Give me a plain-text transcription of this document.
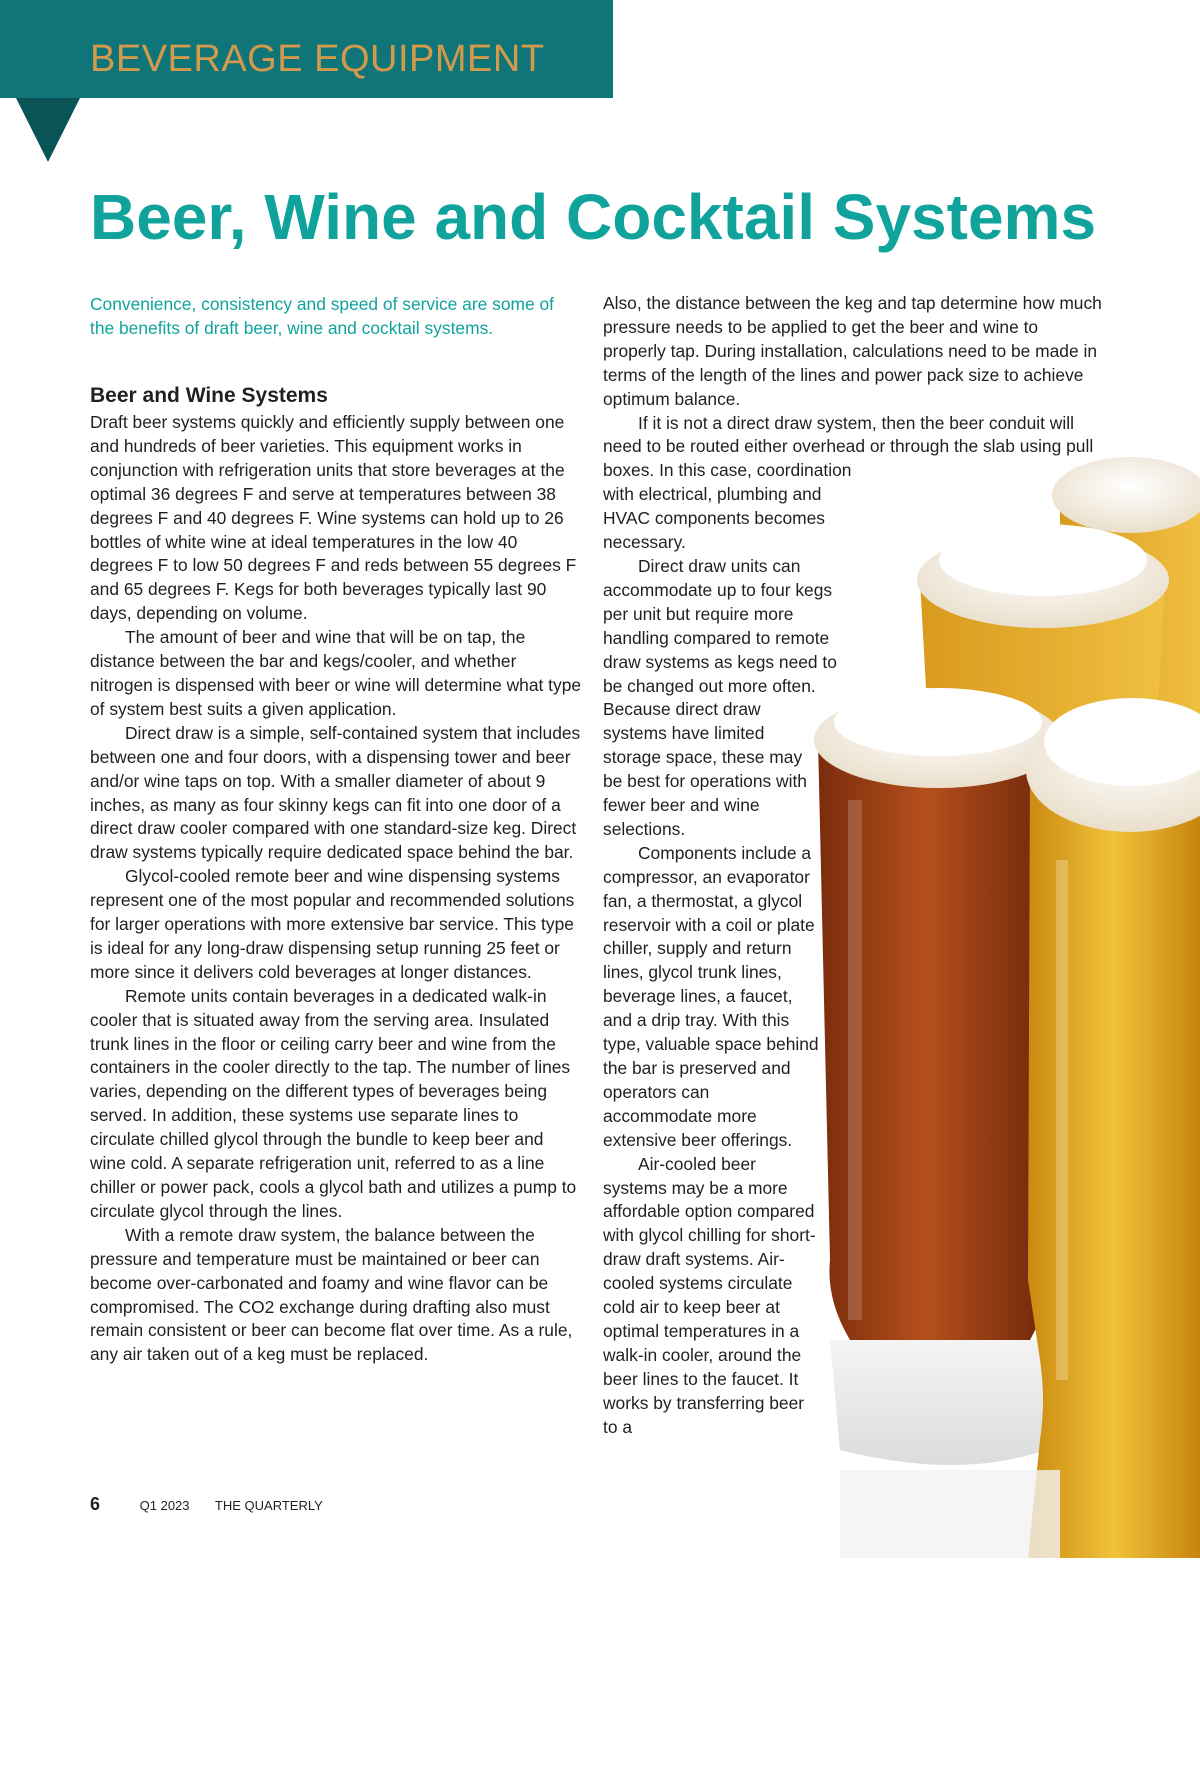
BEVERAGE EQUIPMENT
Beer, Wine and Cocktail Systems

Convenience, consistency and speed of service are some of the benefits of draft beer, wine and cocktail systems.

Beer and Wine Systems

Draft beer systems quickly and efficiently supply between one and hundreds of beer varieties. This equipment works in conjunction with refrigeration units that store beverages at the optimal 36 degrees F and serve at temperatures between 38 degrees F and 40 degrees F. Wine systems can hold up to 26 bottles of white wine at ideal temperatures in the low 40 degrees F to low 50 degrees F and reds between 55 degrees F and 65 degrees F. Kegs for both beverages typically last 90 days, depending on volume.

The amount of beer and wine that will be on tap, the distance between the bar and kegs/cooler, and whether nitrogen is dispensed with beer or wine will determine what type of system best suits a given application.

Direct draw is a simple, self-contained system that includes between one and four doors, with a dispensing tower and beer and/or wine taps on top. With a smaller diameter of about 9 inches, as many as four skinny kegs can fit into one door of a direct draw cooler compared with one standard-size keg. Direct draw systems typically require dedicated space behind the bar.

Glycol-cooled remote beer and wine dispensing systems represent one of the most popular and recommended solutions for larger operations with more extensive bar service. This type is ideal for any long-draw dispensing setup running 25 feet or more since it delivers cold beverages at longer distances.

Remote units contain beverages in a dedicated walk-in cooler that is situated away from the serving area. Insulated trunk lines in the floor or ceiling carry beer and wine from the containers in the cooler directly to the tap. The number of lines varies, depending on the different types of beverages being served. In addition, these systems use separate lines to circulate chilled glycol through the bundle to keep beer and wine cold. A separate refrigeration unit, referred to as a line chiller or power pack, cools a glycol bath and utilizes a pump to circulate glycol through the lines.

With a remote draw system, the balance between the pressure and temperature must be maintained or beer can become over-carbonated and foamy and wine flavor can be compromised. The CO2 exchange during drafting also must remain consistent or beer can become flat over time. As a rule, any air taken out of a keg must be replaced.

Also, the distance between the keg and tap determine how much pressure needs to be applied to get the beer and wine to properly tap. During installation, calculations need to be made in terms of the length of the lines and power pack size to achieve optimum balance.

If it is not a direct draw system, then the beer conduit will need to be routed either overhead or through the slab using pull boxes. In this case, coordination with electrical, plumbing and HVAC components becomes necessary.

Direct draw units can accommodate up to four kegs per unit but require more handling compared to remote draw systems as kegs need to be changed out more often.

Because direct draw systems have limited storage space, these may be best for operations with fewer beer and wine selections.

Components include a compressor, an evaporator fan, a thermostat, a glycol reservoir with a coil or plate chiller, supply and return lines, glycol trunk lines, beverage lines, a faucet, and a drip tray. With this type, valuable space behind the bar is preserved and operators can accommodate more extensive beer offerings.

Air-cooled beer systems may be a more affordable option compared with glycol chilling for short-draw draft systems. Air-cooled systems circulate cold air to keep beer at optimal temperatures in a walk-in cooler, around the beer lines to the faucet. It works by transferring beer to a

6	Q1 2023 THE QUARTERLY
